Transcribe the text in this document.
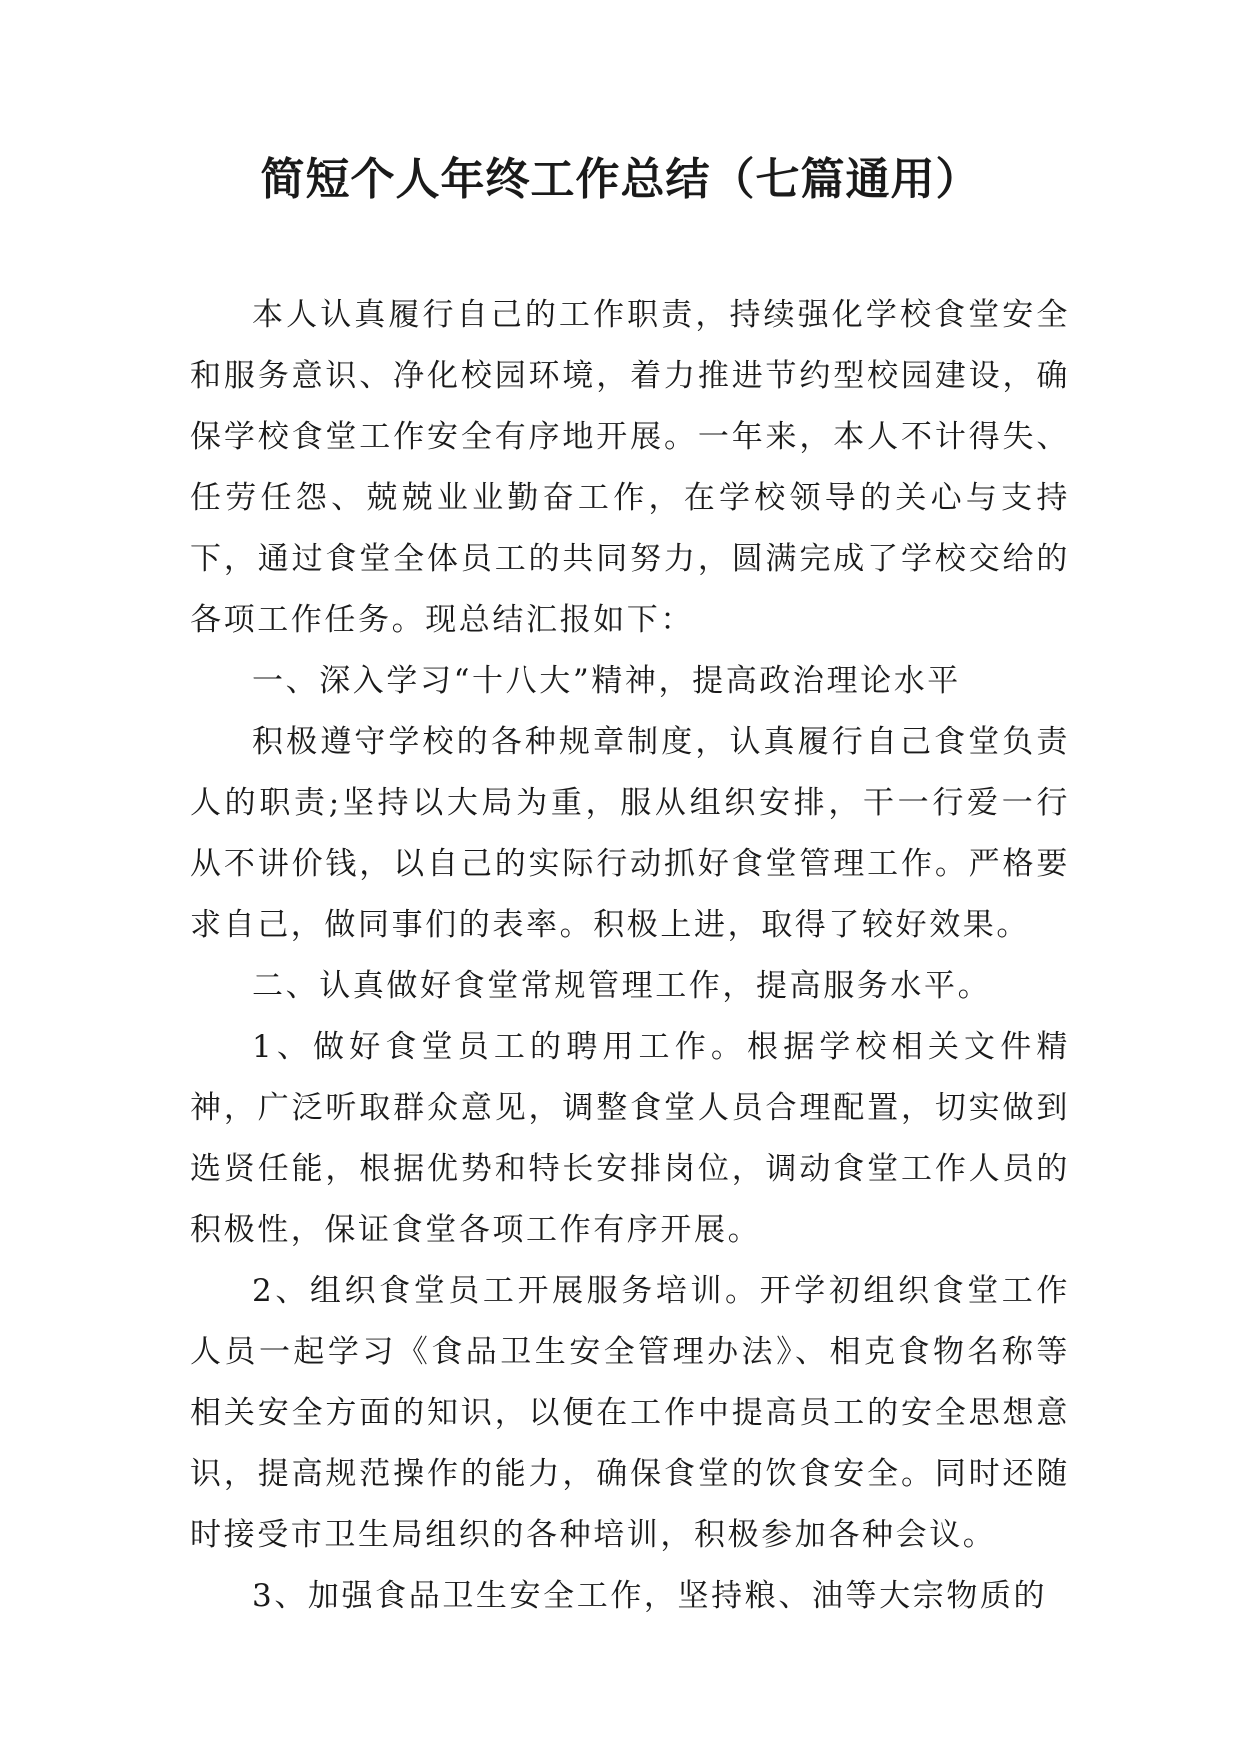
简短个人年终工作总结（七篇通用）

本人认真履行自己的工作职责，持续强化学校食堂安全和服务意识、净化校园环境，着力推进节约型校园建设，确保学校食堂工作安全有序地开展。一年来，本人不计得失、任劳任怨、兢兢业业勤奋工作，在学校领导的关心与支持下，通过食堂全体员工的共同努力，圆满完成了学校交给的各项工作任务。现总结汇报如下：

一、深入学习“十八大”精神，提高政治理论水平

积极遵守学校的各种规章制度，认真履行自己食堂负责人的职责;坚持以大局为重，服从组织安排，干一行爱一行从不讲价钱，以自己的实际行动抓好食堂管理工作。严格要求自己，做同事们的表率。积极上进，取得了较好效果。

二、认真做好食堂常规管理工作，提高服务水平。

1、做好食堂员工的聘用工作。根据学校相关文件精神，广泛听取群众意见，调整食堂人员合理配置，切实做到选贤任能，根据优势和特长安排岗位，调动食堂工作人员的积极性，保证食堂各项工作有序开展。

2、组织食堂员工开展服务培训。开学初组织食堂工作人员一起学习《食品卫生安全管理办法》、相克食物名称等相关安全方面的知识，以便在工作中提高员工的安全思想意识，提高规范操作的能力，确保食堂的饮食安全。同时还随时接受市卫生局组织的各种培训，积极参加各种会议。

3、加强食品卫生安全工作，坚持粮、油等大宗物质的
